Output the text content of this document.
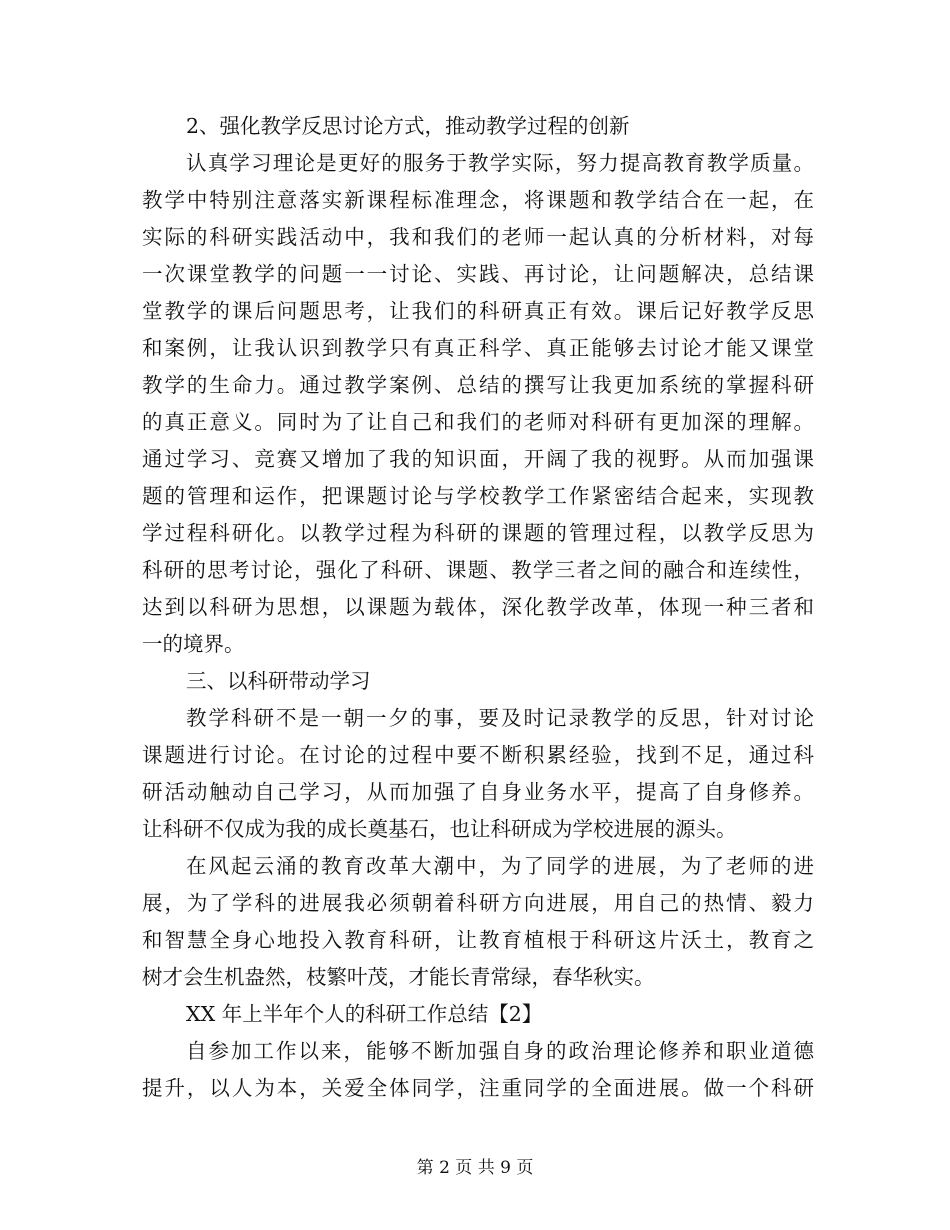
2、强化教学反思讨论方式，推动教学过程的创新
认真学习理论是更好的服务于教学实际，努力提高教育教学质量。
教学中特别注意落实新课程标准理念，将课题和教学结合在一起，在
实际的科研实践活动中，我和我们的老师一起认真的分析材料，对每
一次课堂教学的问题一一讨论、实践、再讨论，让问题解决，总结课
堂教学的课后问题思考，让我们的科研真正有效。课后记好教学反思
和案例，让我认识到教学只有真正科学、真正能够去讨论才能又课堂
教学的生命力。通过教学案例、总结的撰写让我更加系统的掌握科研
的真正意义。同时为了让自己和我们的老师对科研有更加深的理解。
通过学习、竞赛又增加了我的知识面，开阔了我的视野。从而加强课
题的管理和运作，把课题讨论与学校教学工作紧密结合起来，实现教
学过程科研化。以教学过程为科研的课题的管理过程，以教学反思为
科研的思考讨论，强化了科研、课题、教学三者之间的融合和连续性，
达到以科研为思想，以课题为载体，深化教学改革，体现一种三者和
一的境界。
三、以科研带动学习
教学科研不是一朝一夕的事，要及时记录教学的反思，针对讨论
课题进行讨论。在讨论的过程中要不断积累经验，找到不足，通过科
研活动触动自己学习，从而加强了自身业务水平，提高了自身修养。
让科研不仅成为我的成长奠基石，也让科研成为学校进展的源头。
在风起云涌的教育改革大潮中，为了同学的进展，为了老师的进
展，为了学科的进展我必须朝着科研方向进展，用自己的热情、毅力
和智慧全身心地投入教育科研，让教育植根于科研这片沃土，教育之
树才会生机盎然，枝繁叶茂，才能长青常绿，春华秋实。
XX 年上半年个人的科研工作总结【2】
自参加工作以来，能够不断加强自身的政治理论修养和职业道德
提升，以人为本，关爱全体同学，注重同学的全面进展。做一个科研
第 2 页 共 9 页
